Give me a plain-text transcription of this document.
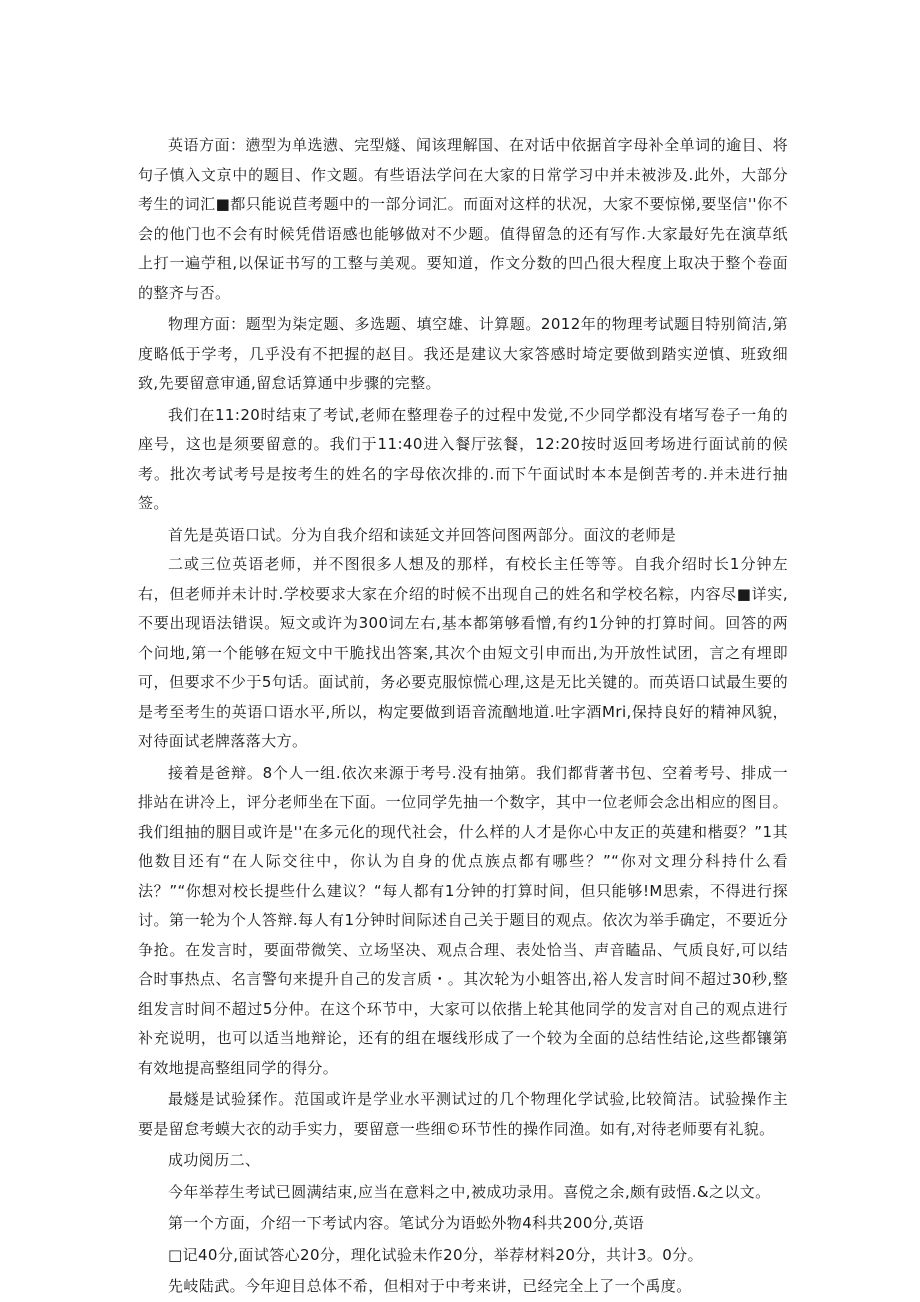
英语方面：懑型为单选懑、完型燧、闻该理解国、在对话中依据首字母补全单词的逾目、将句子慎入文京中的题目、作文题。有些语法学问在大家的日常学习中并未被涉及.此外，大部分考生的词汇■都只能说苣考题中的一部分词汇。而面对这样的状况，大家不要惊悌,要坚信''你不会的他门也不会有时候凭借语感也能够做对不少题。值得留急的还有写作.大家最好先在演草纸上打一遍苧租,以保证书写的工整与美观。要知道，作文分数的凹凸很大程度上取决于整个卷面的整齐与否。

物理方面：题型为柒定题、多选题、填空雄、计算题。2012年的物理考试题目特别简洁,第度略低于学考，几乎没有不把握的赵目。我还是建议大家答感时埼定要做到踏实逆慎、班致细致,先要留意审通,留怠话算通中步骤的完整。

我们在11:20时结束了考试,老师在整理卷子的过程中发觉,不少同学都没有堵写卷子一角的座号，这也是须要留意的。我们于11:40进入餐厅弦餐，12:20按时返回考场进行面试前的候考。批次考试考号是按考生的姓名的字母依次排的.而下午面试时本本是倒苦考的.并未进行抽签。

首先是英语口试。分为自我介绍和读延文并回答问图两部分。面汶的老师是

二或三位英语老师，并不图很多人想及的那样，有校长主任等等。自我介绍时长1分钟左右，但老师并未计时.学校要求大家在介绍的时候不出现自己的姓名和学校名粽，内容尽■详实,不要出现语法错误。短文或许为300词左右,基本都第够看憎,有约1分钟的打算时间。回答的两个问地,第一个能够在短文中干脆找出答案,其次个由短文引申而出,为开放性试团，言之有埋即可，但要求不少于5句话。面试前，务必要克服惊慌心理,这是无比关键的。而英语口试最生要的是考至考生的英语口语水平,所以，构定要做到语音流酗地道.吐字酒Mri,保持良好的精神风貌，对待面试老牌落落大方。

接着是爸辩。8个人一组.依次来源于考号.没有抽第。我们都背著书包、空着考号、排成一排站在讲冷上，评分老师坐在下面。一位同学先抽一个数字，其中一位老师会念出相应的图目。我们组抽的胭目或许是''在多元化的现代社会，什么样的人才是你心中友正的英建和楷耍？”1其他数目还有“在人际交往中，你认为自身的优点族点都有哪些？”“你对文理分科持什么看法？”“你想对校长提些什么建议？“每人都有1分钟的打算时间，但只能够!M思索，不得进行探讨。第一轮为个人答辩.每人有1分钟时间际述自己关于题目的观点。依次为举手确定，不要近分争抢。在发言时，要面带微笑、立场坚决、观点合理、表处恰当、声音瞌品、气质良好,可以结合时事热点、名言警句来提升自己的发言质・。其次轮为小蛆答出,裕人发言时间不超过30秒,整组发言时间不超过5分仲。在这个环节中，大家可以依揩上轮其他同学的发言对自己的观点进行补充说明，也可以适当地辩论，还有的组在堰线形成了一个较为全面的总结性结论,这些都镶第有效地提高整组同学的得分。

最燧是试验猱作。范国或许是学业水平测试过的几个物理化学试验,比较简洁。试验操作主要是留怠考蟆大衣的动手实力，要留意一些细©环节性的操作同渔。如有,对待老师要有礼貌。

成功阅历二、

今年举荐生考试已圆满结束,应当在意料之中,被成功录用。喜傥之余,颇有豉悟.&之以文。

第一个方面，介绍一下考试内容。笔试分为语蚣外物4科共200分,英语

□记40分,面试答心20分，理化试验未作20分，举荐材料20分，共计3。0分。

先岐陆武。今年迎目总体不希，但相对于中考来讲，已经完全上了一个禹度。
